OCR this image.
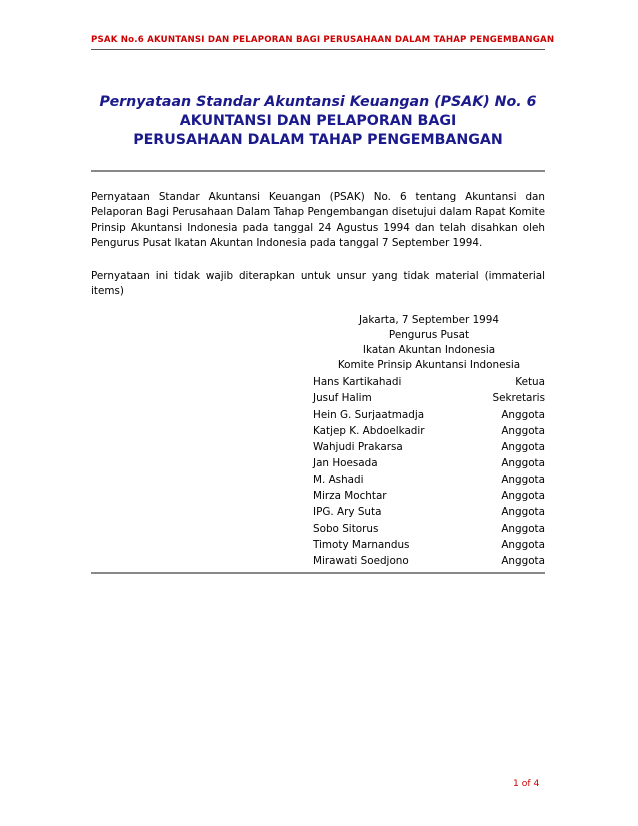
PSAK No.6 AKUNTANSI DAN PELAPORAN BAGI PERUSAHAAN DALAM TAHAP PENGEMBANGAN
Pernyataan Standar Akuntansi Keuangan (PSAK) No. 6
AKUNTANSI DAN PELAPORAN BAGI
PERUSAHAAN DALAM TAHAP PENGEMBANGAN
Pernyataan Standar Akuntansi Keuangan (PSAK) No. 6 tentang Akuntansi dan Pelaporan Bagi Perusahaan Dalam Tahap Pengembangan disetujui dalam Rapat Komite Prinsip Akuntansi Indonesia pada tanggal 24 Agustus 1994 dan telah disahkan oleh Pengurus Pusat Ikatan Akuntan Indonesia pada tanggal 7 September 1994.
Pernyataan ini tidak wajib diterapkan untuk unsur yang tidak material (immaterial items)
Jakarta, 7 September 1994
Pengurus Pusat
Ikatan Akuntan Indonesia
Komite Prinsip Akuntansi Indonesia
Hans Kartikahadi	Ketua
Jusuf Halim	Sekretaris
Hein G. Surjaatmadja	Anggota
Katjep K. Abdoelkadir	Anggota
Wahjudi Prakarsa	Anggota
Jan Hoesada	Anggota
M. Ashadi	Anggota
Mirza Mochtar	Anggota
IPG. Ary Suta	Anggota
Sobo Sitorus	Anggota
Timoty Marnandus	Anggota
Mirawati Soedjono	Anggota
1 of 4
